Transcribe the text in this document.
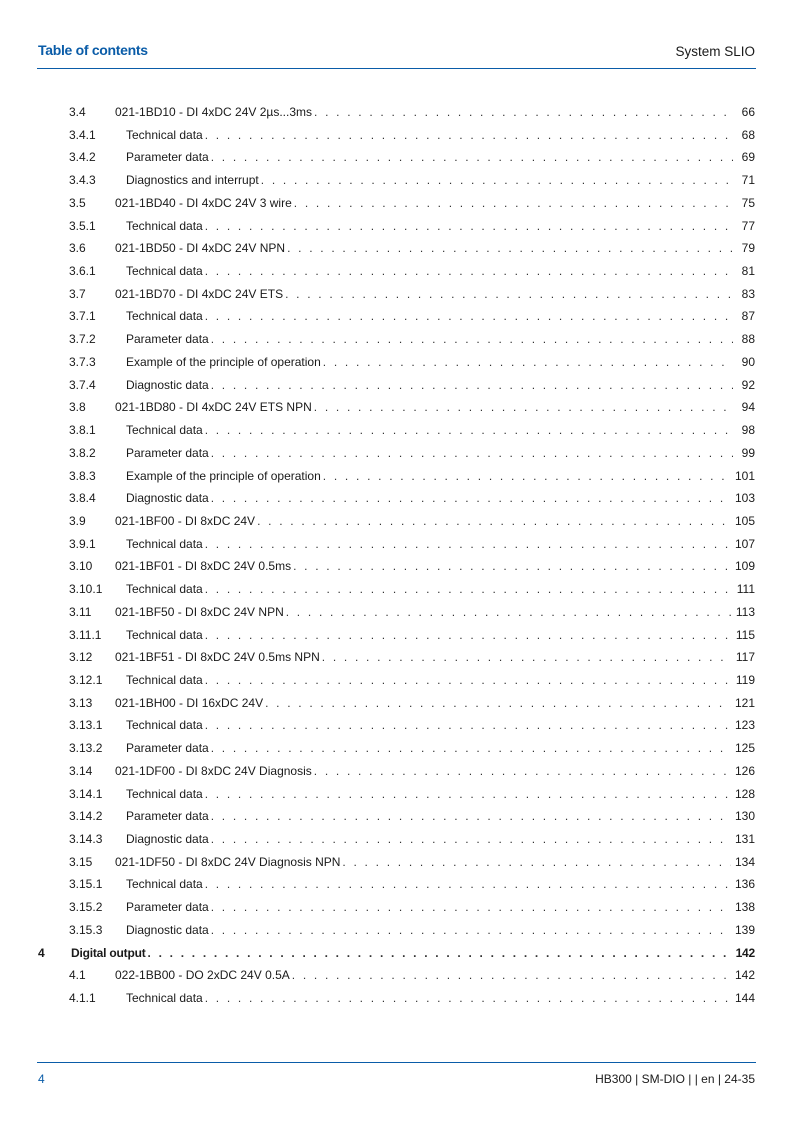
Table of contents	System SLIO
3.4 021-1BD10 - DI 4xDC 24V 2µs...3ms . . .	66
3.4.1	Technical data . . .	68
3.4.2	Parameter data . . .	69
3.4.3	Diagnostics and interrupt . . .	71
3.5 021-1BD40 - DI 4xDC 24V 3 wire . . .	75
3.5.1	Technical data . . .	77
3.6 021-1BD50 - DI 4xDC 24V NPN . . .	79
3.6.1	Technical data . . .	81
3.7 021-1BD70 - DI 4xDC 24V ETS . . .	83
3.7.1	Technical data . . .	87
3.7.2	Parameter data . . .	88
3.7.3	Example of the principle of operation . . .	90
3.7.4	Diagnostic data . . .	92
3.8 021-1BD80 - DI 4xDC 24V ETS NPN . . .	94
3.8.1	Technical data . . .	98
3.8.2	Parameter data . . .	99
3.8.3	Example of the principle of operation . . .	101
3.8.4	Diagnostic data . . .	103
3.9 021-1BF00 - DI 8xDC 24V . . .	105
3.9.1	Technical data . . .	107
3.10 021-1BF01 - DI 8xDC 24V 0.5ms . . .	109
3.10.1 Technical data . . .	111
3.11 021-1BF50 - DI 8xDC 24V NPN . . .	113
3.11.1 Technical data . . .	115
3.12 021-1BF51 - DI 8xDC 24V 0.5ms NPN . . .	117
3.12.1 Technical data . . .	119
3.13 021-1BH00 - DI 16xDC 24V . . .	121
3.13.1 Technical data . . .	123
3.13.2 Parameter data . . .	125
3.14 021-1DF00 - DI 8xDC 24V Diagnosis . . .	126
3.14.1 Technical data . . .	128
3.14.2 Parameter data . . .	130
3.14.3 Diagnostic data . . .	131
3.15 021-1DF50 - DI 8xDC 24V Diagnosis NPN . . .	134
3.15.1 Technical data . . .	136
3.15.2 Parameter data . . .	138
3.15.3 Diagnostic data . . .	139
4 Digital output . . .	142
4.1 022-1BB00 - DO 2xDC 24V 0.5A . . .	142
4.1.1	Technical data . . .	144
4	HB300 | SM-DIO | | en | 24-35
